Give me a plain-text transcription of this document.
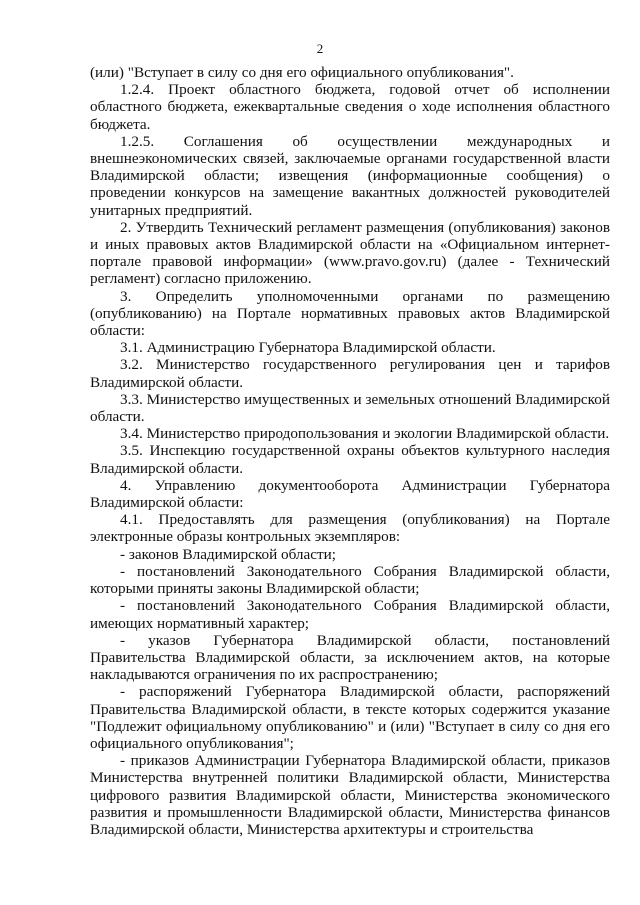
2

(или) "Вступает в силу со дня его официального опубликования".

1.2.4. Проект областного бюджета, годовой отчет об исполнении областного бюджета, ежеквартальные сведения о ходе исполнения областного бюджета.

1.2.5. Соглашения об осуществлении международных и внешнеэкономических связей, заключаемые органами государственной власти Владимирской области; извещения (информационные сообщения) о проведении конкурсов на замещение вакантных должностей руководителей унитарных предприятий.

2. Утвердить Технический регламент размещения (опубликования) законов и иных правовых актов Владимирской области на «Официальном интернет-портале правовой информации» (www.pravo.gov.ru) (далее - Технический регламент) согласно приложению.

3. Определить уполномоченными органами по размещению (опубликованию) на Портале нормативных правовых актов Владимирской области:

3.1. Администрацию Губернатора Владимирской области.

3.2. Министерство государственного регулирования цен и тарифов Владимирской области.

3.3. Министерство имущественных и земельных отношений Владимирской области.

3.4. Министерство природопользования и экологии Владимирской области.

3.5. Инспекцию государственной охраны объектов культурного наследия Владимирской области.

4. Управлению документооборота Администрации Губернатора Владимирской области:

4.1. Предоставлять для размещения (опубликования) на Портале электронные образы контрольных экземпляров:

- законов Владимирской области;

- постановлений Законодательного Собрания Владимирской области, которыми приняты законы Владимирской области;

- постановлений Законодательного Собрания Владимирской области, имеющих нормативный характер;

- указов Губернатора Владимирской области, постановлений Правительства Владимирской области, за исключением актов, на которые накладываются ограничения по их распространению;

- распоряжений Губернатора Владимирской области, распоряжений Правительства Владимирской области, в тексте которых содержится указание "Подлежит официальному опубликованию" и (или) "Вступает в силу со дня его официального опубликования";

- приказов Администрации Губернатора Владимирской области, приказов Министерства внутренней политики Владимирской области, Министерства цифрового развития Владимирской области, Министерства экономического развития и промышленности Владимирской области, Министерства финансов Владимирской области, Министерства архитектуры и строительства
